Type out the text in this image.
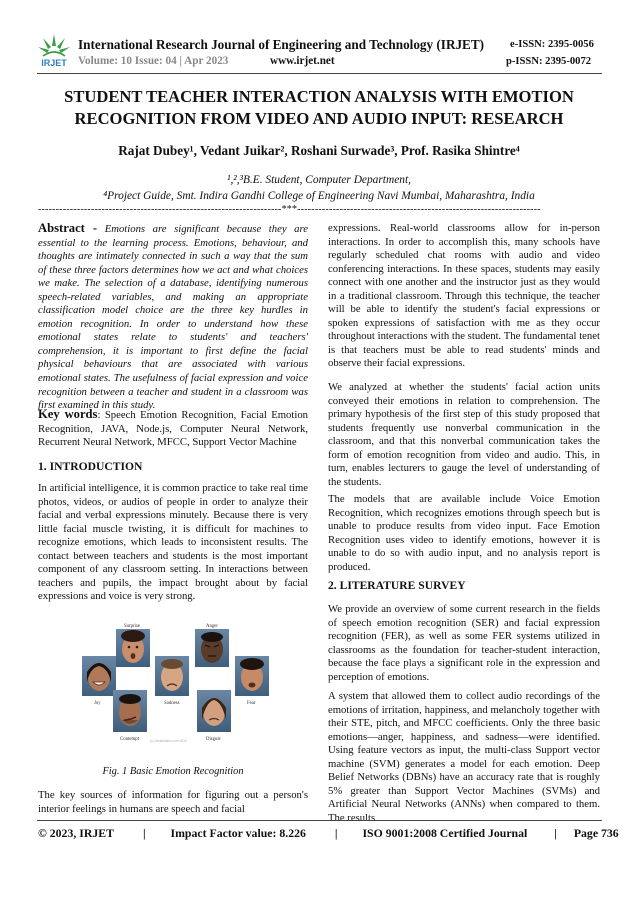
IRJET
International Research Journal of Engineering and Technology (IRJET)
Volume: 10 Issue: 04 | Apr 2023	www.irjet.net
e-ISSN: 2395-0056
p-ISSN: 2395-0072
STUDENT TEACHER INTERACTION ANALYSIS WITH EMOTION
RECOGNITION FROM VIDEO AND AUDIO INPUT: RESEARCH
Rajat Dubey¹, Vedant Juikar², Roshani Surwade³, Prof. Rasika Shintre⁴
¹,²,³B.E. Student, Computer Department,
⁴Project Guide, Smt. Indira Gandhi College of Engineering Navi Mumbai, Maharashtra, India
---------------------------------------------------------------------***---------------------------------------------------------------------

Abstract - Emotions are significant because they are essential to the learning process. Emotions, behaviour, and thoughts are intimately connected in such a way that the sum of these three factors determines how we act and what choices we make. The selection of a database, identifying numerous speech-related variables, and making an appropriate classification model choice are the three key hurdles in emotion recognition. In order to understand how these emotional states relate to students' and teachers' comprehension, it is important to first define the facial physical behaviours that are associated with various emotional states. The usefulness of facial expression and voice recognition between a teacher and student in a classroom was first examined in this study.

Key words: Speech Emotion Recognition, Facial Emotion Recognition, JAVA, Node.js, Computer Neural Network, Recurrent Neural Network, MFCC, Support Vector Machine

1. INTRODUCTION

In artificial intelligence, it is common practice to take real time photos, videos, or audios of people in order to analyze their facial and verbal expressions minutely. Because there is very little facial muscle twisting, it is difficult for machines to recognize emotions, which leads to inconsistent results. The contact between teachers and students is the most important component of any classroom setting. In interactions between teachers and pupils, the impact brought about by facial expressions and voice is very strong.

Surprise	Anger
Joy	Sadness	Fear
Contempt	Disgust
(c) Dreamstime.com 2010
Fig. 1 Basic Emotion Recognition

The key sources of information for figuring out a person's interior feelings in humans are speech and facial

expressions. Real-world classrooms allow for in-person interactions. In order to accomplish this, many schools have regularly scheduled chat rooms with audio and video conferencing interactions. In these spaces, students may easily connect with one another and the instructor just as they would in a traditional classroom. Through this technique, the teacher will be able to identify the student's facial expressions or spoken expressions of satisfaction with me as they occur throughout interactions with the student. The fundamental tenet is that teachers must be able to read students' minds and observe their facial expressions.

We analyzed at whether the students' facial action units conveyed their emotions in relation to comprehension. The primary hypothesis of the first step of this study proposed that students frequently use nonverbal communication in the classroom, and that this nonverbal communication takes the form of emotion recognition from video and audio. This, in turn, enables lecturers to gauge the level of understanding of the students.

The models that are available include Voice Emotion Recognition, which recognizes emotions through speech but is unable to produce results from video input. Face Emotion Recognition uses video to identify emotions, however it is unable to do so with audio input, and no analysis report is produced.

2. LITERATURE SURVEY

We provide an overview of some current research in the fields of speech emotion recognition (SER) and facial expression recognition (FER), as well as some FER systems utilized in classrooms as the foundation for teacher-student interaction, because the face plays a significant role in the expression and perception of emotions.

A system that allowed them to collect audio recordings of the emotions of irritation, happiness, and melancholy together with their STE, pitch, and MFCC coefficients. Only the three basic emotions—anger, happiness, and sadness—were identified. Using feature vectors as input, the multi-class Support vector machine (SVM) generates a model for each emotion. Deep Belief Networks (DBNs) have an accuracy rate that is roughly 5% greater than Support Vector Machines (SVMs) and Artificial Neural Networks (ANNs) when compared to them. The results

© 2023, IRJET | Impact Factor value: 8.226 | ISO 9001:2008 Certified Journal | Page 736
